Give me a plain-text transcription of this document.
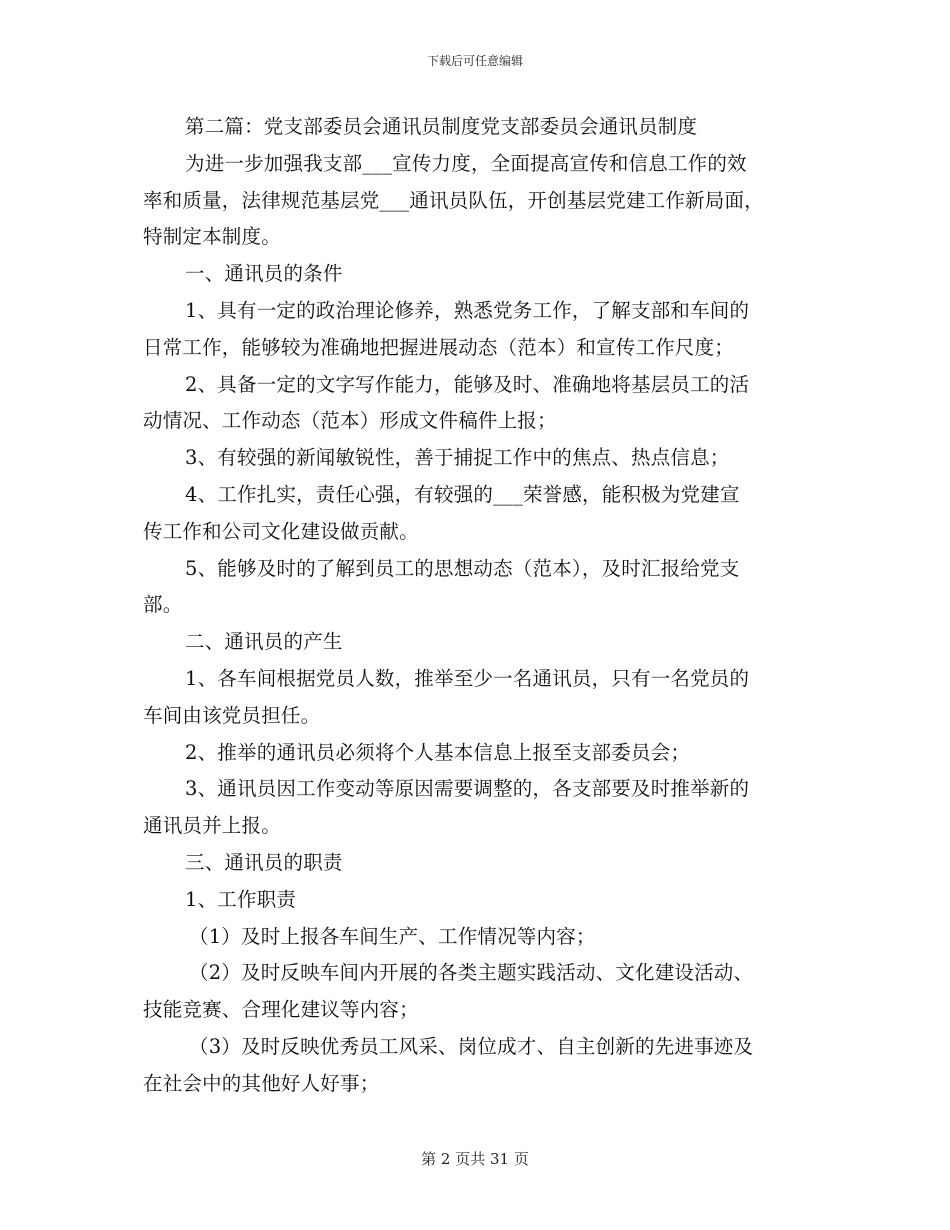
下载后可任意编辑
第二篇：党支部委员会通讯员制度党支部委员会通讯员制度
为进一步加强我支部___宣传力度，全面提高宣传和信息工作的效
率和质量，法律规范基层党___通讯员队伍，开创基层党建工作新局面，
特制定本制度。
一、通讯员的条件
1、具有一定的政治理论修养，熟悉党务工作，了解支部和车间的
日常工作，能够较为准确地把握进展动态（范本）和宣传工作尺度；
2、具备一定的文字写作能力，能够及时、准确地将基层员工的活
动情况、工作动态（范本）形成文件稿件上报；
3、有较强的新闻敏锐性，善于捕捉工作中的焦点、热点信息；
4、工作扎实，责任心强，有较强的___荣誉感，能积极为党建宣
传工作和公司文化建设做贡献。
5、能够及时的了解到员工的思想动态（范本），及时汇报给党支
部。
二、通讯员的产生
1、各车间根据党员人数，推举至少一名通讯员，只有一名党员的
车间由该党员担任。
2、推举的通讯员必须将个人基本信息上报至支部委员会；
3、通讯员因工作变动等原因需要调整的，各支部要及时推举新的
通讯员并上报。
三、通讯员的职责
1、工作职责
（1）及时上报各车间生产、工作情况等内容；
（2）及时反映车间内开展的各类主题实践活动、文化建设活动、
技能竞赛、合理化建议等内容；
（3）及时反映优秀员工风采、岗位成才、自主创新的先进事迹及
在社会中的其他好人好事；
第 2 页共 31 页
